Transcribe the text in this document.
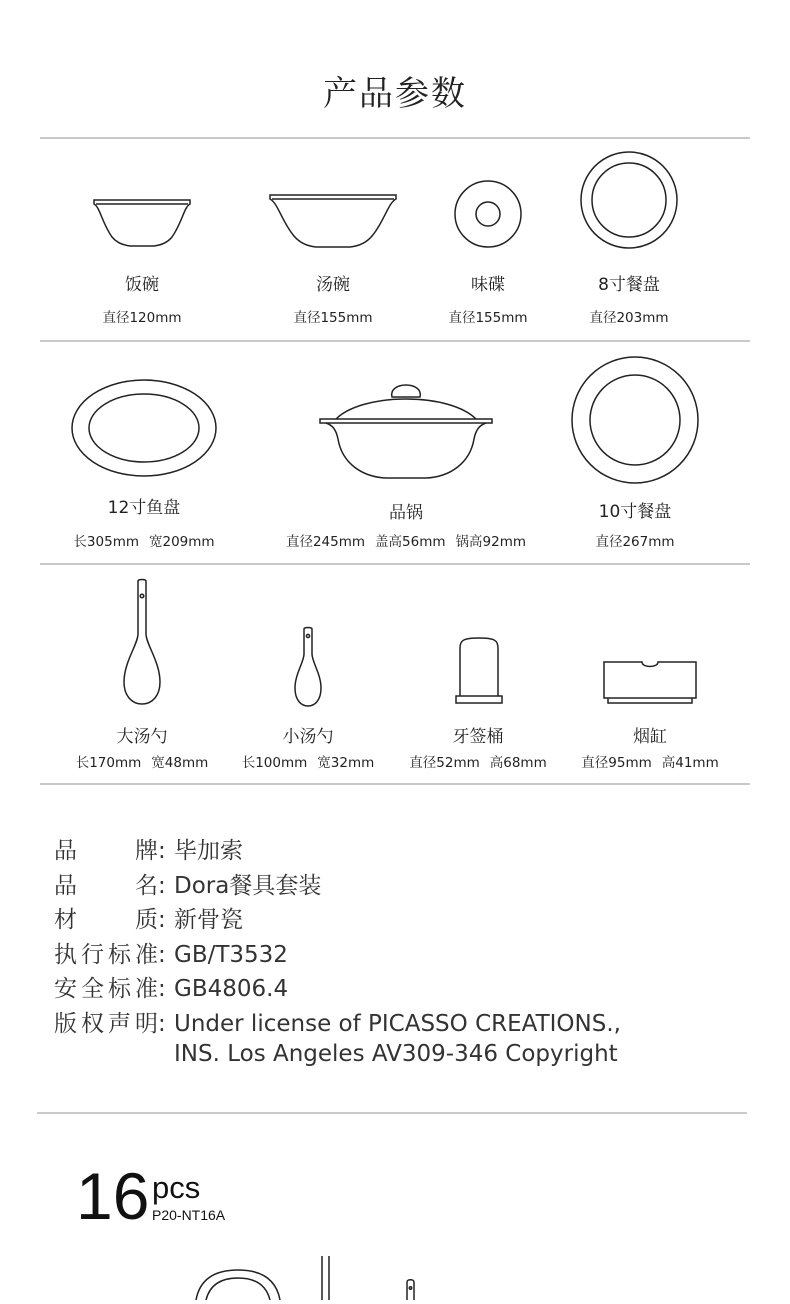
产品参数
饭碗
直径120mm
汤碗
直径155mm
味碟
直径155mm
8寸餐盘
直径203mm
12寸鱼盘
长305mm 宽209mm
品锅
直径245mm 盖高56mm 锅高92mm
10寸餐盘
直径267mm
大汤勺
长170mm 宽48mm
小汤勺
长100mm 宽32mm
牙签桶
直径52mm 高68mm
烟缸
直径95mm 高41mm
品	牌 : 毕加索
品	名 : Dora餐具套装
材	质 : 新骨瓷
执 行 标 准 : GB/T3532
安 全 标 准 : GB4806.4
版 权 声 明 : Under license of PICASSO CREATIONS.,
INS. Los Angeles AV309-346 Copyright
16 pcs
P20-NT16A
